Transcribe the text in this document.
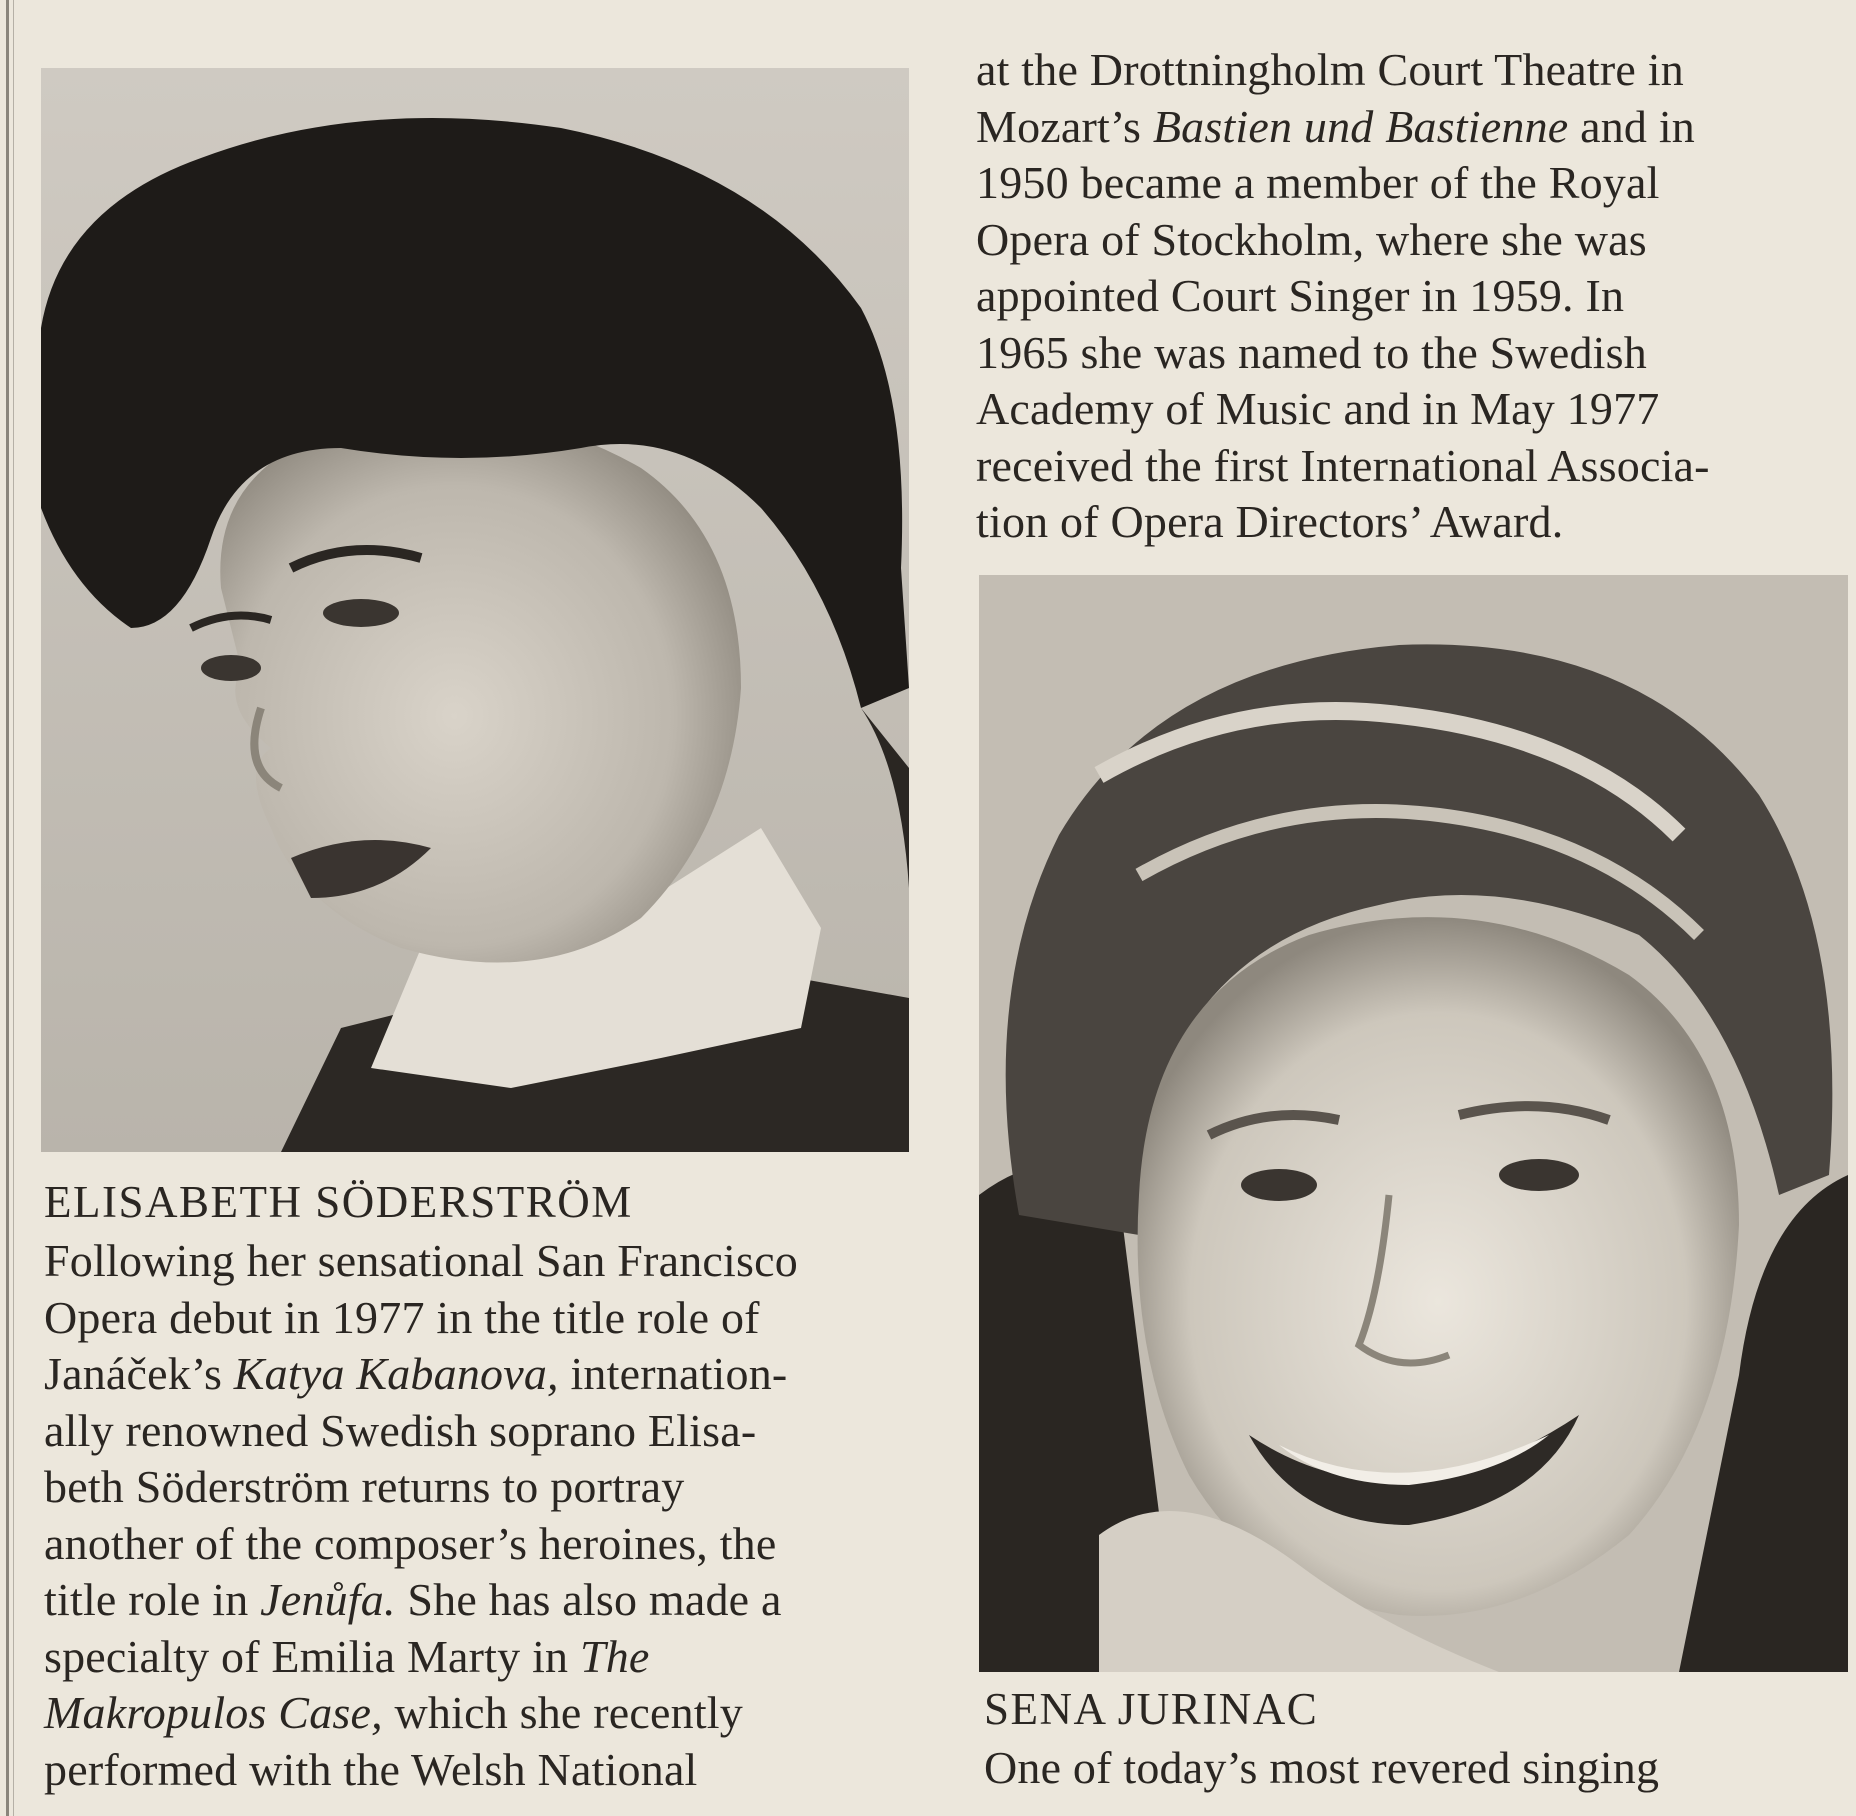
at the Drottningholm Court Theatre in
Mozart’s Bastien und Bastienne and in
1950 became a member of the Royal
Opera of Stockholm, where she was
appointed Court Singer in 1959. In
1965 she was named to the Swedish
Academy of Music and in May 1977
received the first International Associa-
tion of Opera Directors’ Award.
ELISABETH SÖDERSTRÖM
Following her sensational San Francisco
Opera debut in 1977 in the title role of
Janáček’s Katya Kabanova, internation-
ally renowned Swedish soprano Elisa-
beth Söderström returns to portray
another of the composer’s heroines, the
title role in Jenůfa. She has also made a
specialty of Emilia Marty in The
Makropulos Case, which she recently
performed with the Welsh National
SENA JURINAC
One of today’s most revered singing
